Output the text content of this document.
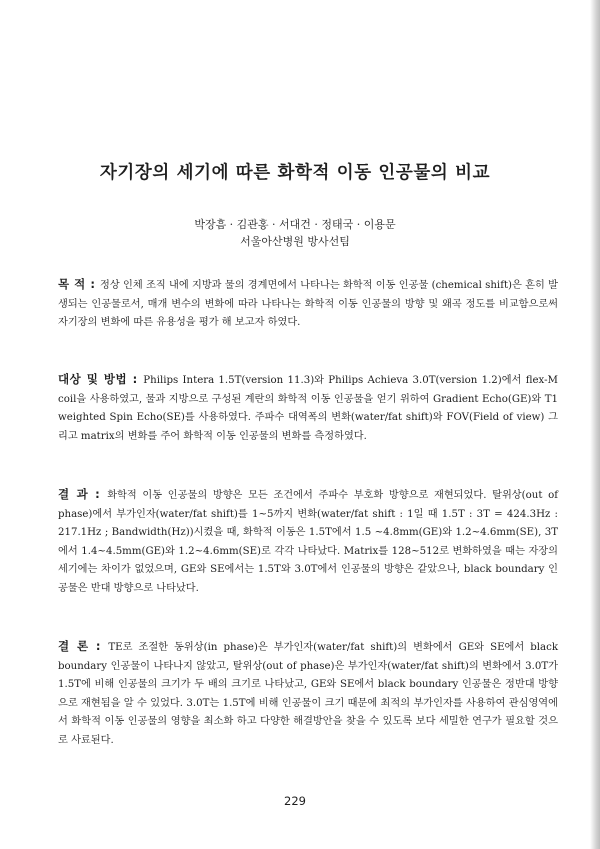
자기장의 세기에 따른 화학적 이동 인공물의 비교
박장흠 · 김관홍 · 서대건 · 정태국 · 이용문
서울아산병원 방사선팀
목 적 : 정상 인체 조직 내에 지방과 물의 경계면에서 나타나는 화학적 이동 인공물 (chemical shift)은 흔히 발생되는 인공물로서, 매개 변수의 변화에 따라 나타나는 화학적 이동 인공물의 방향 및 왜곡 정도를 비교함으로써 자기장의 변화에 따른 유용성을 평가 해 보고자 하였다.
대상 및 방법 : Philips Intera 1.5T(version 11.3)와 Philips Achieva 3.0T(version 1.2)에서 flex-M coil을 사용하였고, 물과 지방으로 구성된 계란의 화학적 이동 인공물을 얻기 위하여 Gradient Echo(GE)와 T1 weighted Spin Echo(SE)를 사용하였다. 주파수 대역폭의 변화(water/fat shift)와 FOV(Field of view) 그리고 matrix의 변화를 주어 화학적 이동 인공물의 변화를 측정하였다.
결 과 : 화학적 이동 인공물의 방향은 모든 조건에서 주파수 부호화 방향으로 재현되었다. 탈위상(out of phase)에서 부가인자(water/fat shift)를 1~5까지 변화(water/fat shift : 1일 때 1.5T : 3T = 424.3Hz : 217.1Hz ; Bandwidth(Hz))시켰을 때, 화학적 이동은 1.5T에서 1.5 ~4.8mm(GE)와 1.2~4.6mm(SE), 3T에서 1.4~4.5mm(GE)와 1.2~4.6mm(SE)로 각각 나타났다. Matrix를 128~512로 변화하였을 때는 자장의 세기에는 차이가 없었으며, GE와 SE에서는 1.5T와 3.0T에서 인공물의 방향은 같았으나, black boundary 인공물은 반대 방향으로 나타났다.
결 론 : TE로 조절한 동위상(in phase)은 부가인자(water/fat shift)의 변화에서 GE와 SE에서 black boundary 인공물이 나타나지 않았고, 탈위상(out of phase)은 부가인자(water/fat shift)의 변화에서 3.0T가 1.5T에 비해 인공물의 크기가 두 배의 크기로 나타났고, GE와 SE에서 black boundary 인공물은 정반대 방향으로 재현됨을 알 수 있었다. 3.0T는 1.5T에 비해 인공물이 크기 때문에 최적의 부가인자를 사용하여 관심영역에서 화학적 이동 인공물의 영향을 최소화 하고 다양한 해결방안을 찾을 수 있도록 보다 세밀한 연구가 필요할 것으로 사료된다.
229
